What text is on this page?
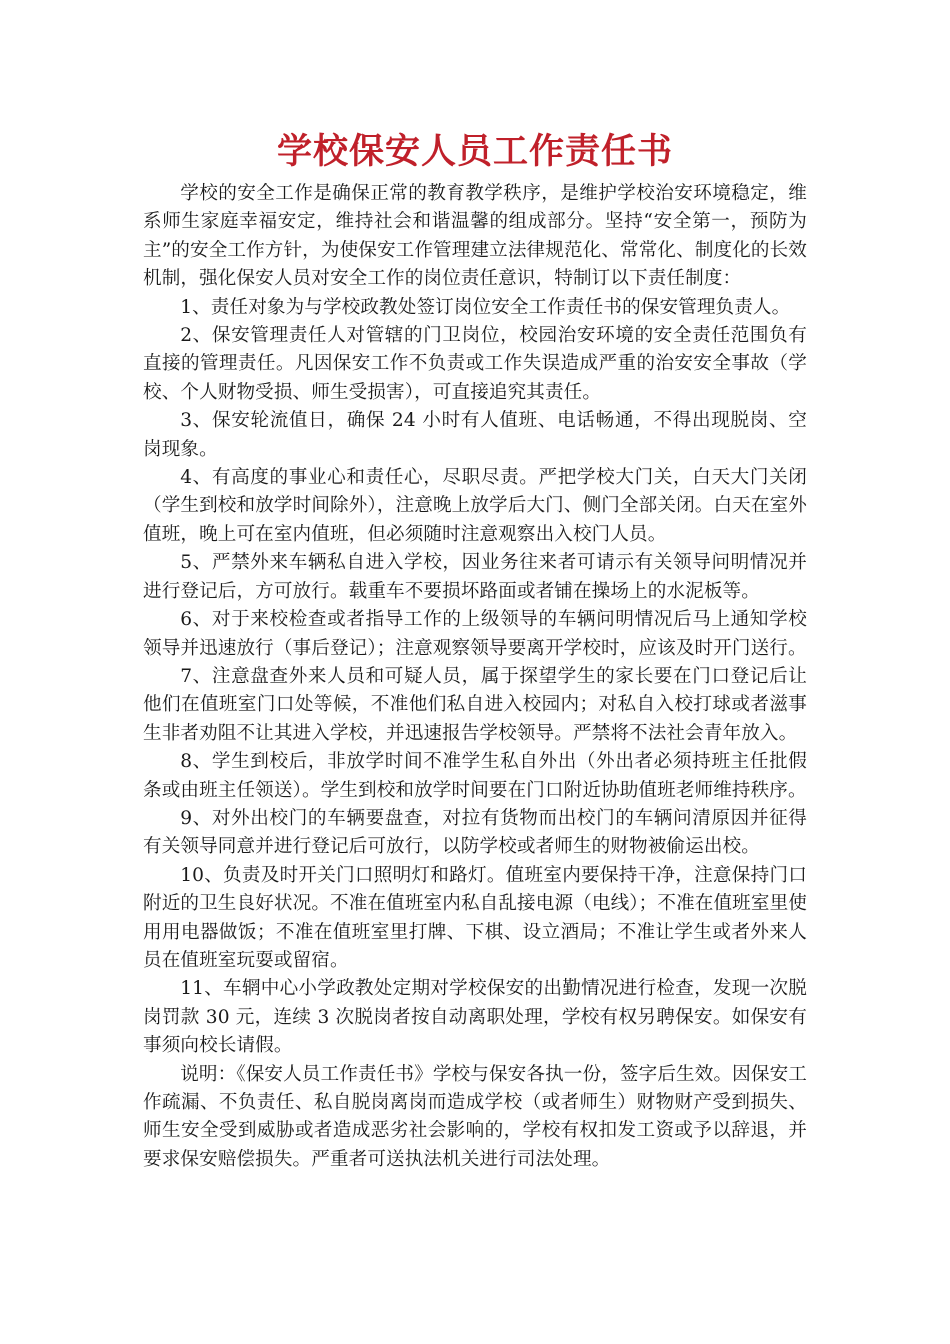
学校保安人员工作责任书

学校的安全工作是确保正常的教育教学秩序，是维护学校治安环境稳定，维系师生家庭幸福安定，维持社会和谐温馨的组成部分。坚持“安全第一，预防为主”的安全工作方针，为使保安工作管理建立法律规范化、常常化、制度化的长效机制，强化保安人员对安全工作的岗位责任意识，特制订以下责任制度：

1、责任对象为与学校政教处签订岗位安全工作责任书的保安管理负责人。

2、保安管理责任人对管辖的门卫岗位，校园治安环境的安全责任范围负有直接的管理责任。凡因保安工作不负责或工作失误造成严重的治安安全事故（学校、个人财物受损、师生受损害），可直接追究其责任。

3、保安轮流值日，确保 24 小时有人值班、电话畅通，不得出现脱岗、空岗现象。

4、有高度的事业心和责任心，尽职尽责。严把学校大门关，白天大门关闭（学生到校和放学时间除外），注意晚上放学后大门、侧门全部关闭。白天在室外值班，晚上可在室内值班，但必须随时注意观察出入校门人员。

5、严禁外来车辆私自进入学校，因业务往来者可请示有关领导问明情况并进行登记后，方可放行。载重车不要损坏路面或者铺在操场上的水泥板等。

6、对于来校检查或者指导工作的上级领导的车辆问明情况后马上通知学校领导并迅速放行（事后登记）；注意观察领导要离开学校时，应该及时开门送行。

7、注意盘查外来人员和可疑人员，属于探望学生的家长要在门口登记后让他们在值班室门口处等候，不准他们私自进入校园内；对私自入校打球或者滋事生非者劝阻不让其进入学校，并迅速报告学校领导。严禁将不法社会青年放入。

8、学生到校后，非放学时间不准学生私自外出（外出者必须持班主任批假条或由班主任领送）。学生到校和放学时间要在门口附近协助值班老师维持秩序。

9、对外出校门的车辆要盘查，对拉有货物而出校门的车辆问清原因并征得有关领导同意并进行登记后可放行，以防学校或者师生的财物被偷运出校。

10、负责及时开关门口照明灯和路灯。值班室内要保持干净，注意保持门口附近的卫生良好状况。不准在值班室内私自乱接电源（电线）；不准在值班室里使用用电器做饭；不准在值班室里打牌、下棋、设立酒局；不准让学生或者外来人员在值班室玩耍或留宿。

11、车辋中心小学政教处定期对学校保安的出勤情况进行检查，发现一次脱岗罚款 30 元，连续 3 次脱岗者按自动离职处理，学校有权另聘保安。如保安有事须向校长请假。

说明：《保安人员工作责任书》学校与保安各执一份，签字后生效。因保安工作疏漏、不负责任、私自脱岗离岗而造成学校（或者师生）财物财产受到损失、师生安全受到威胁或者造成恶劣社会影响的，学校有权扣发工资或予以辞退，并要求保安赔偿损失。严重者可送执法机关进行司法处理。
